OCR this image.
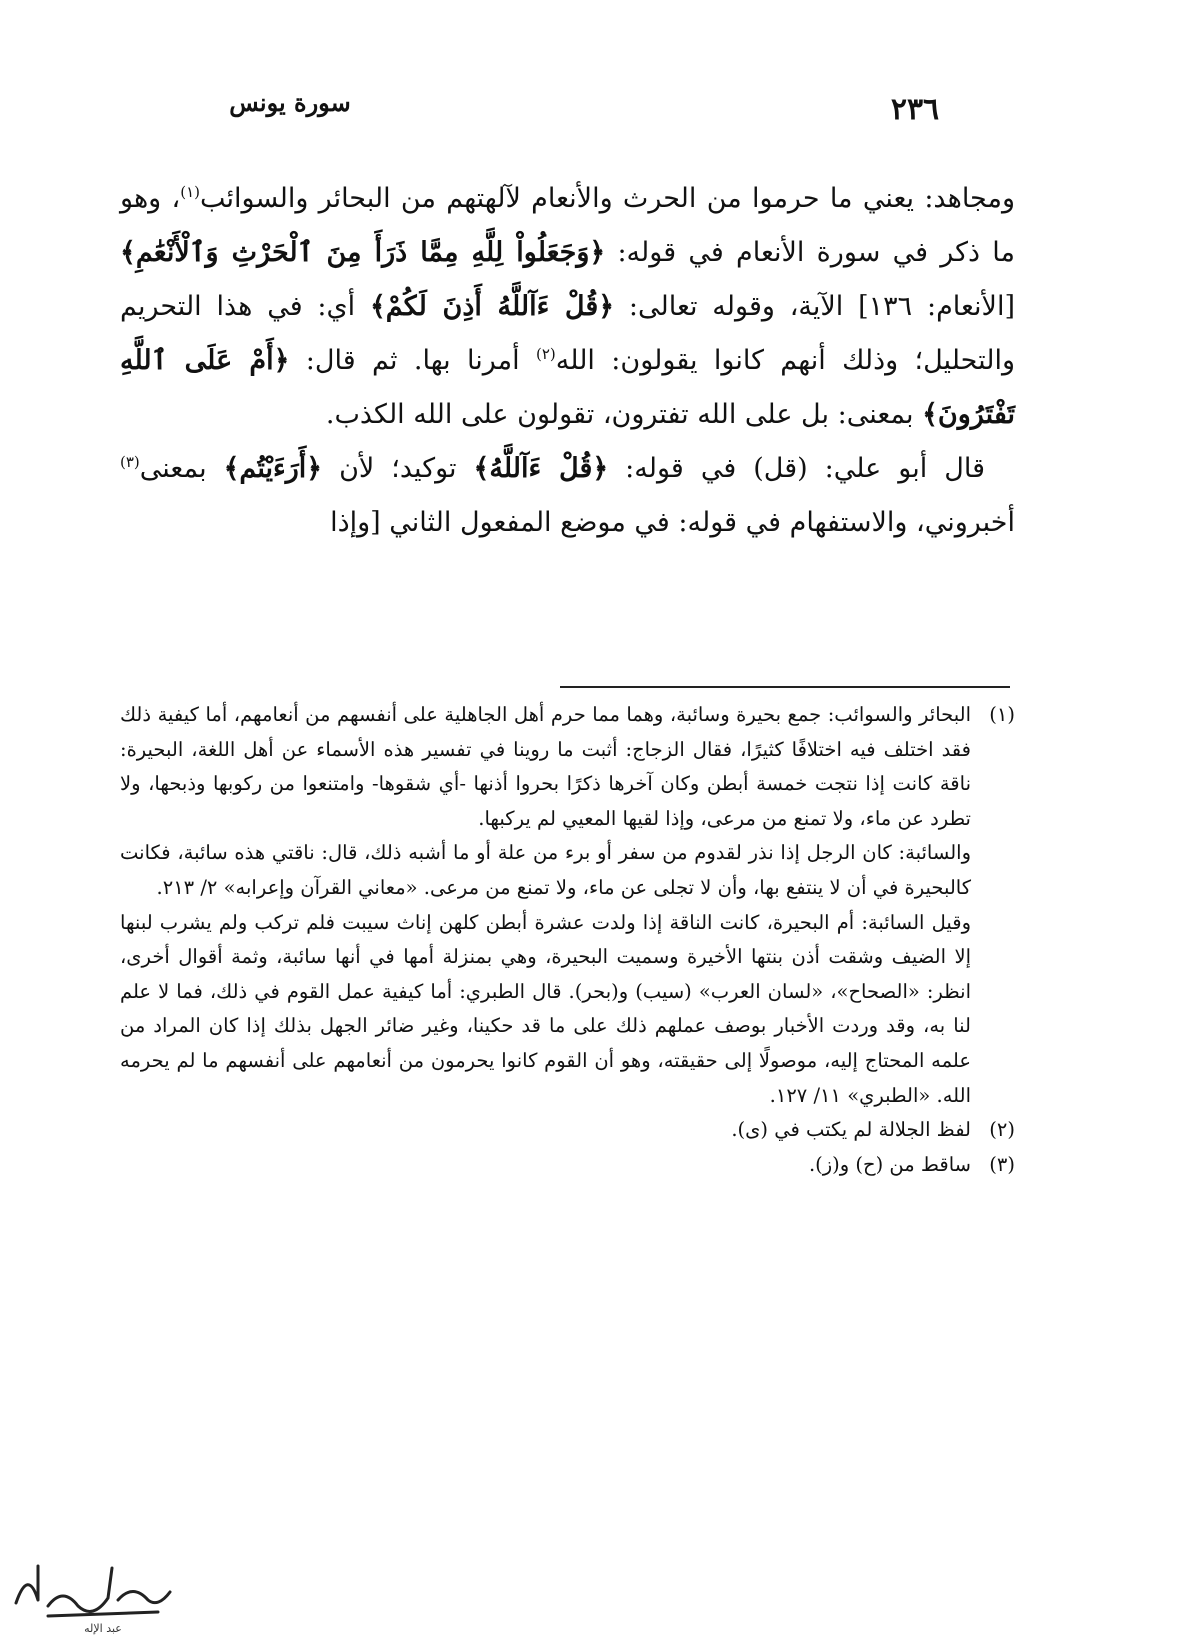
٢٣٦
سورة يونس

ومجاهد: يعني ما حرموا من الحرث والأنعام لآلهتهم من البحائر والسوائب$^{(١)}$، وهو ما ذكر في سورة الأنعام في قوله: ﴿وَجَعَلُواْ لِلَّهِ مِمَّا ذَرَأَ مِنَ ٱلْحَرْثِ وَٱلْأَنْعَٰمِ﴾ [الأنعام: ١٣٦] الآية، وقوله تعالى: ﴿قُلْ ءَآللَّهُ أَذِنَ لَكُمْ﴾ أي: في هذا التحريم والتحليل؛ وذلك أنهم كانوا يقولون: الله$^{(٢)}$ أمرنا بها. ثم قال: ﴿أَمْ عَلَى ٱللَّهِ تَفْتَرُونَ﴾ بمعنى: بل على الله تفترون، تقولون على الله الكذب.

قال أبو علي: (قل) في قوله: ﴿قُلْ ءَآللَّهُ﴾ توكيد؛ لأن ﴿أَرَءَيْتُم﴾ بمعنى$^{(٣)}$ أخبروني، والاستفهام في قوله: في موضع المفعول الثاني [وإذا

(١)

البحائر والسوائب: جمع بحيرة وسائبة، وهما مما حرم أهل الجاهلية على أنفسهم من أنعامهم، أما كيفية ذلك فقد اختلف فيه اختلافًا كثيرًا، فقال الزجاج: أثبت ما روينا في تفسير هذه الأسماء عن أهل اللغة، البحيرة: ناقة كانت إذا نتجت خمسة أبطن وكان آخرها ذكرًا بحروا أذنها -أي شقوها- وامتنعوا من ركوبها وذبحها، ولا تطرد عن ماء، ولا تمنع من مرعى، وإذا لقيها المعيي لم يركبها.

والسائبة: كان الرجل إذا نذر لقدوم من سفر أو برء من علة أو ما أشبه ذلك، قال: ناقتي هذه سائبة، فكانت كالبحيرة في أن لا ينتفع بها، وأن لا تجلى عن ماء، ولا تمنع من مرعى. «معاني القرآن وإعرابه» ٢/ ٢١٣.

وقيل السائبة: أم البحيرة، كانت الناقة إذا ولدت عشرة أبطن كلهن إناث سيبت فلم تركب ولم يشرب لبنها إلا الضيف وشقت أذن بنتها الأخيرة وسميت البحيرة، وهي بمنزلة أمها في أنها سائبة، وثمة أقوال أخرى، انظر: «الصحاح»، «لسان العرب» (سيب) و(بحر). قال الطبري: أما كيفية عمل القوم في ذلك، فما لا علم لنا به، وقد وردت الأخبار بوصف عملهم ذلك على ما قد حكينا، وغير ضائر الجهل بذلك إذا كان المراد من علمه المحتاج إليه، موصولًا إلى حقيقته، وهو أن القوم كانوا يحرمون من أنعامهم على أنفسهم ما لم يحرمه الله. «الطبري» ١١/ ١٢٧.

(٢)

لفظ الجلالة لم يكتب في (ى).

(٣)

ساقط من (ح) و(ز).

عبد الإله
